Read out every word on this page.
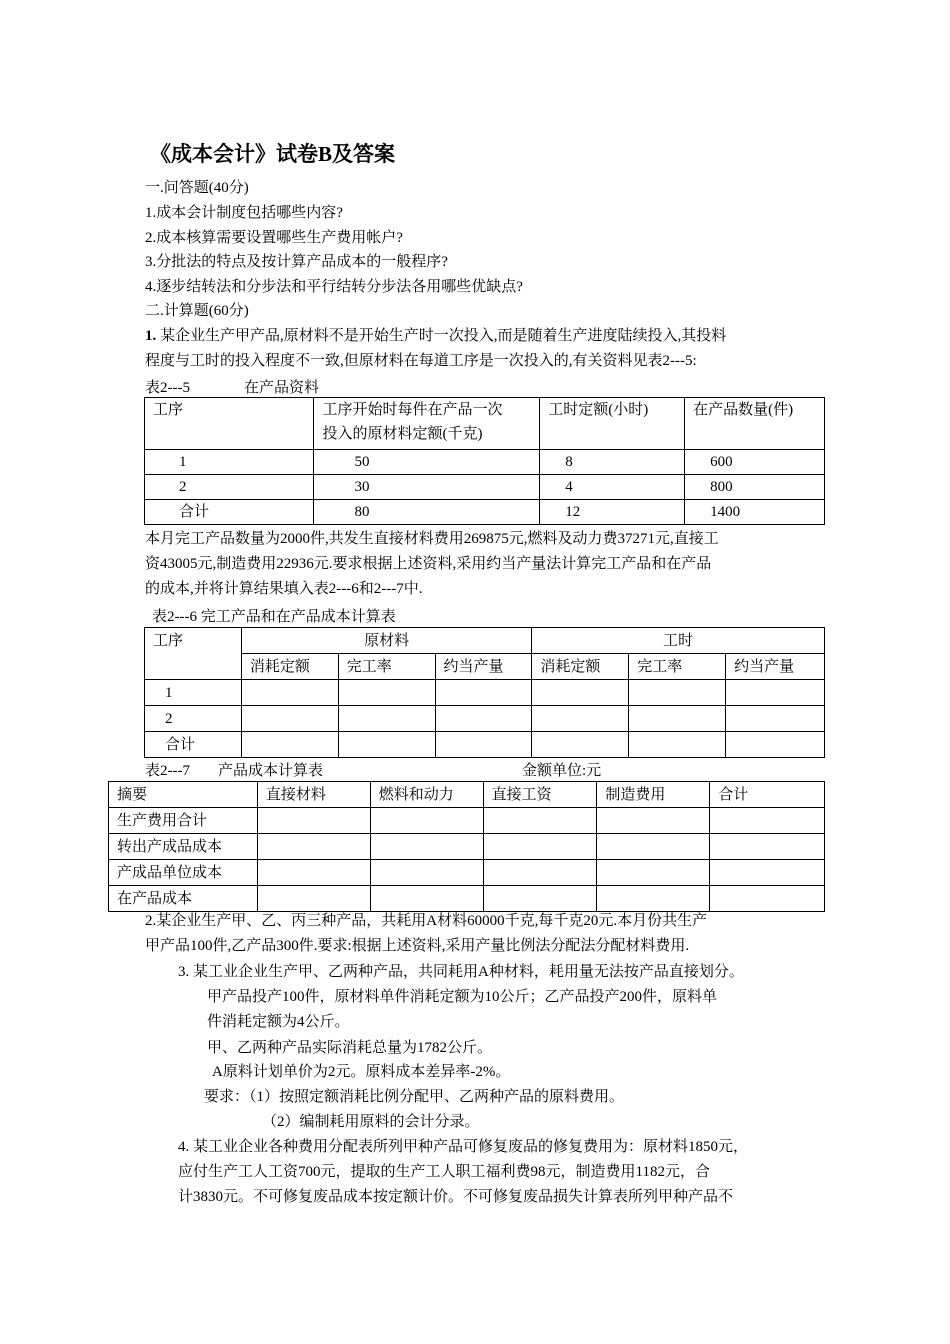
《成本会计》试卷B及答案
一.问答题(40分)
1.成本会计制度包括哪些内容?
2.成本核算需要设置哪些生产费用帐户?
3.分批法的特点及按计算产品成本的一般程序?
4.逐步结转法和分步法和平行结转分步法各用哪些优缺点?
二.计算题(60分)
1. 某企业生产甲产品,原材料不是开始生产时一次投入,而是随着生产进度陆续投入,其投料
程度与工时的投入程度不一致,但原材料在每道工序是一次投入的,有关资料见表2---5:
表2---5	在产品资料
工序	工序开始时每件在产品一次
投入的原材料定额(千克)	工时定额(小时)	在产品数量(件)
1	50	8	600
2	30	4	800
合计	80	12	1400
本月完工产品数量为2000件,共发生直接材料费用269875元,燃料及动力费37271元,直接工
资43005元,制造费用22936元.要求根据上述资料,采用约当产量法计算完工产品和在产品
的成本,并将计算结果填入表2---6和2---7中.
表2---6 完工产品和在产品成本计算表
工序	原材料			工时		
	消耗定额	完工率	约当产量	消耗定额	完工率	约当产量
1						
2						
合计						
表2---7 产品成本计算表	金额单位:元
摘要	直接材料	燃料和动力	直接工资	制造费用	合计
生产费用合计					
转出产成品成本					
产成品单位成本					
在产品成本					
2.某企业生产甲、乙、丙三种产品，共耗用A材料60000千克,每千克20元.本月份共生产
甲产品100件,乙产品300件.要求:根据上述资料,采用产量比例法分配法分配材料费用.
3. 某工业企业生产甲、乙两种产品，共同耗用A种材料，耗用量无法按产品直接划分。
甲产品投产100件，原材料单件消耗定额为10公斤；乙产品投产200件，原料单
件消耗定额为4公斤。
甲、乙两种产品实际消耗总量为1782公斤。
A原料计划单价为2元。原料成本差异率-2%。
要求：（1）按照定额消耗比例分配甲、乙两种产品的原料费用。
（2）编制耗用原料的会计分录。
4. 某工业企业各种费用分配表所列甲种产品可修复废品的修复费用为：原材料1850元，
应付生产工人工资700元，提取的生产工人职工福利费98元，制造费用1182元，合
计3830元。不可修复废品成本按定额计价。不可修复废品损失计算表所列甲种产品不
